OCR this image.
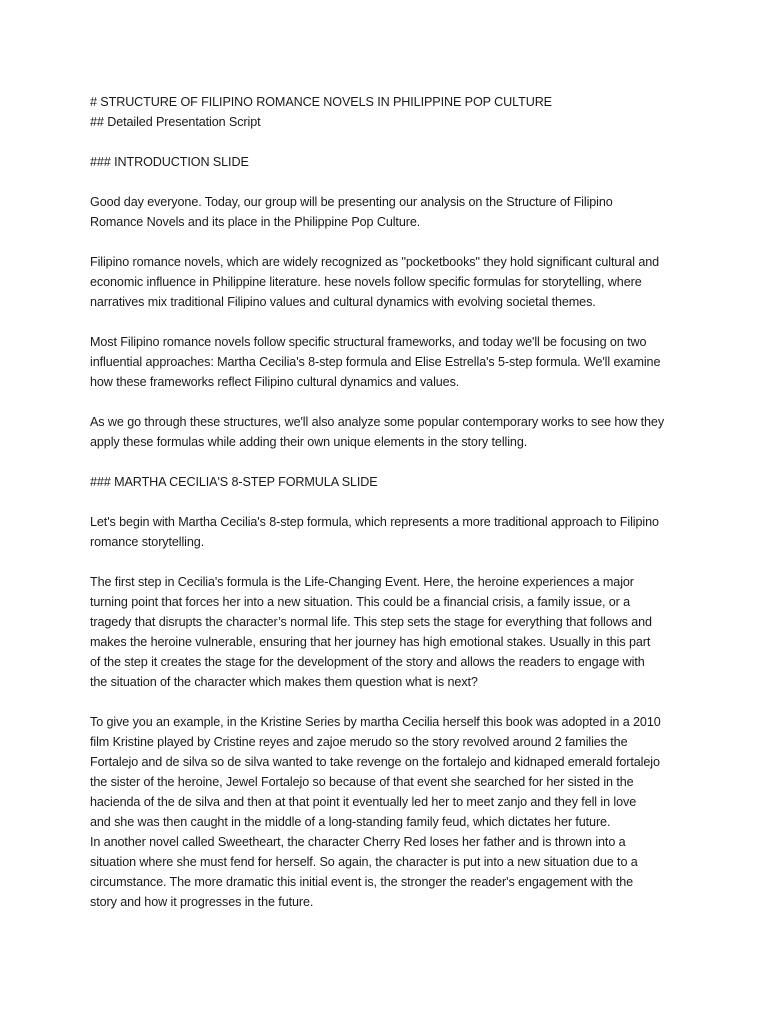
# STRUCTURE OF FILIPINO ROMANCE NOVELS IN PHILIPPINE POP CULTURE
## Detailed Presentation Script
### INTRODUCTION SLIDE
Good day everyone. Today, our group will be presenting our analysis on the Structure of Filipino
Romance Novels and its place in the Philippine Pop Culture.
Filipino romance novels, which are widely recognized as "pocketbooks" they hold significant cultural and
economic influence in Philippine literature. hese novels follow specific formulas for storytelling, where
narratives mix traditional Filipino values and cultural dynamics with evolving societal themes.
Most Filipino romance novels follow specific structural frameworks, and today we'll be focusing on two
influential approaches: Martha Cecilia's 8-step formula and Elise Estrella's 5-step formula. We'll examine
how these frameworks reflect Filipino cultural dynamics and values.
As we go through these structures, we'll also analyze some popular contemporary works to see how they
apply these formulas while adding their own unique elements in the story telling.
### MARTHA CECILIA'S 8-STEP FORMULA SLIDE
Let's begin with Martha Cecilia's 8-step formula, which represents a more traditional approach to Filipino
romance storytelling.
The first step in Cecilia's formula is the Life-Changing Event. Here, the heroine experiences a major
turning point that forces her into a new situation. This could be a financial crisis, a family issue, or a
tragedy that disrupts the character’s normal life. This step sets the stage for everything that follows and
makes the heroine vulnerable, ensuring that her journey has high emotional stakes. Usually in this part
of the step it creates the stage for the development of the story and allows the readers to engage with
the situation of the character which makes them question what is next?
To give you an example, in the Kristine Series by martha Cecilia herself this book was adopted in a 2010
film Kristine played by Cristine reyes and zajoe merudo so the story revolved around 2 families the
Fortalejo and de silva so de silva wanted to take revenge on the fortalejo and kidnaped emerald fortalejo
the sister of the heroine, Jewel Fortalejo so because of that event she searched for her sisted in the
hacienda of the de silva and then at that point it eventually led her to meet zanjo and they fell in love
and she was then caught in the middle of a long-standing family feud, which dictates her future.
In another novel called Sweetheart, the character Cherry Red loses her father and is thrown into a
situation where she must fend for herself. So again, the character is put into a new situation due to a
circumstance. The more dramatic this initial event is, the stronger the reader's engagement with the
story and how it progresses in the future.
